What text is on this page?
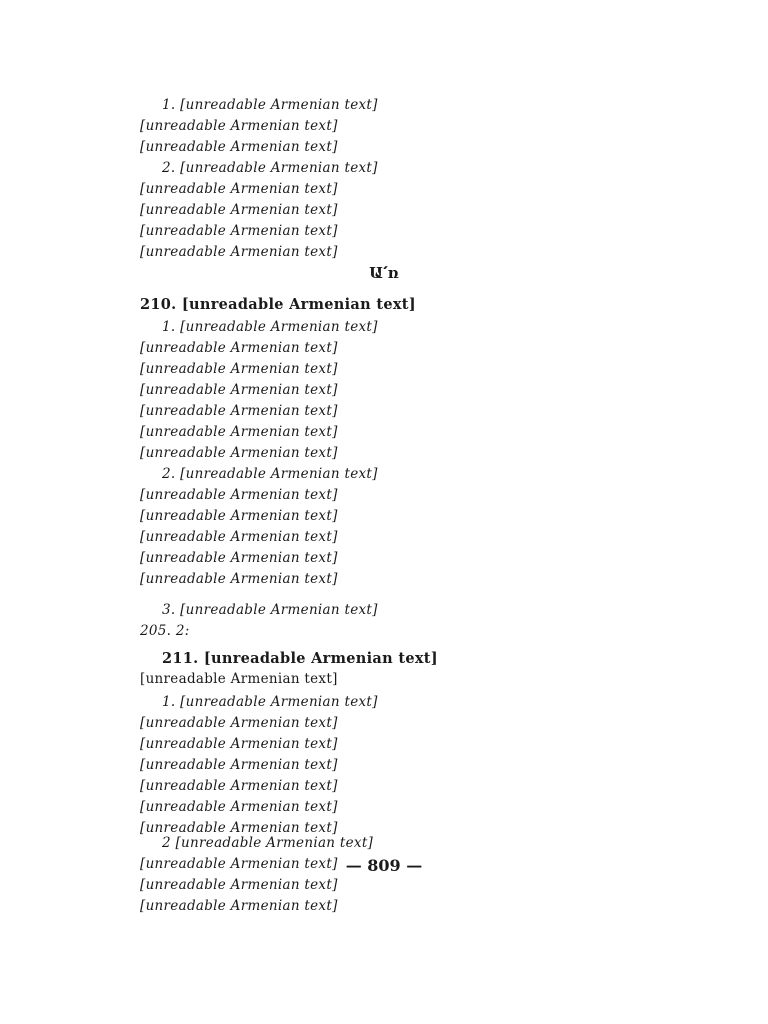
1. [unreadable Armenian text]
[unreadable Armenian text]
[unreadable Armenian text]
2. [unreadable Armenian text]
[unreadable Armenian text]
[unreadable Armenian text]
[unreadable Armenian text]
[unreadable Armenian text]
210. [unreadable Armenian text]
1. [unreadable Armenian text]
[unreadable Armenian text]
[unreadable Armenian text]
[unreadable Armenian text]
[unreadable Armenian text]
[unreadable Armenian text]
[unreadable Armenian text]
2. [unreadable Armenian text]
[unreadable Armenian text]
[unreadable Armenian text]
[unreadable Armenian text]
[unreadable Armenian text]
[unreadable Armenian text]
3. [unreadable Armenian text]
205. 2:
211. [unreadable Armenian text]
[unreadable Armenian text]
1. [unreadable Armenian text]
[unreadable Armenian text]
[unreadable Armenian text]
[unreadable Armenian text]
[unreadable Armenian text]
[unreadable Armenian text]
[unreadable Armenian text]
2 [unreadable Armenian text]
[unreadable Armenian text]
[unreadable Armenian text]
[unreadable Armenian text]
Ա՛ռ
— 809 —
